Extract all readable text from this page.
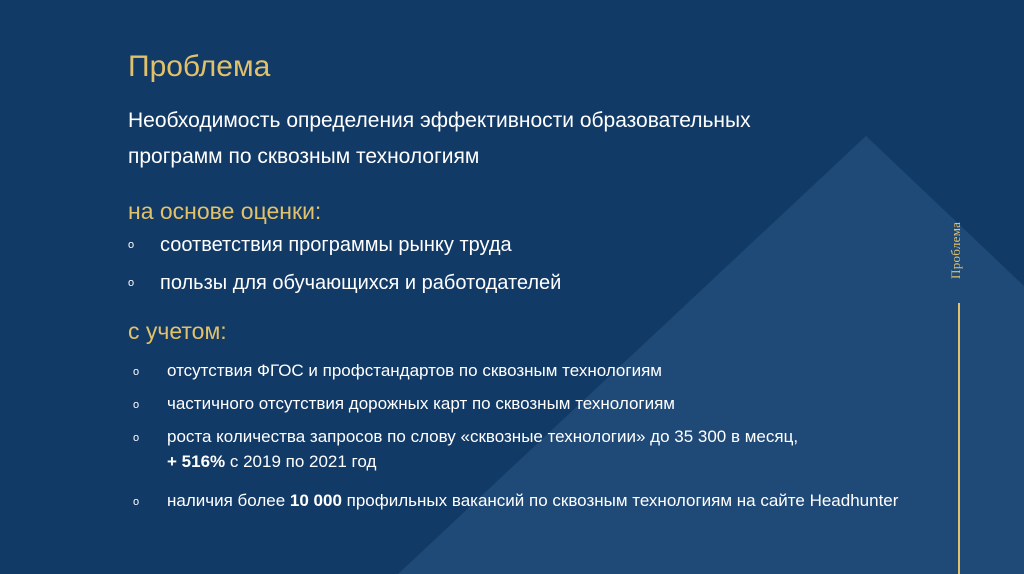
Проблема
Необходимость определения эффективности образовательных программ по сквозным технологиям
на основе оценки:
o соответствия программы рынку труда
o пользы для обучающихся и работодателей
с учетом:
o отсутствия ФГОС и профстандартов по сквозным технологиям
o частичного отсутствия дорожных карт по сквозным технологиям
o роста количества запросов по слову «сквозные технологии» до 35 300 в месяц,
+ 516% с 2019 по 2021 год
o наличия более 10 000 профильных вакансий по сквозным технологиям на сайте Headhunter
Проблема
